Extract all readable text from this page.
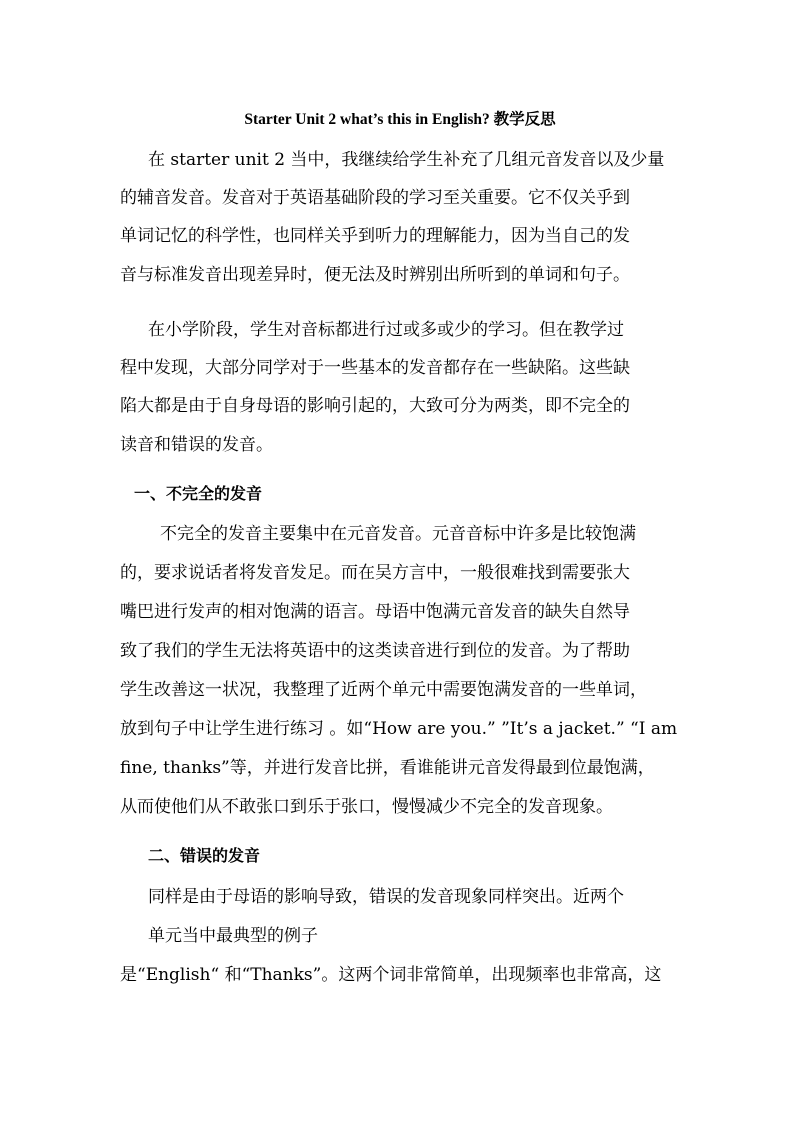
Starter Unit 2 what’s this in English? 教学反思
在 starter unit 2 当中，我继续给学生补充了几组元音发音以及少量
的辅音发音。发音对于英语基础阶段的学习至关重要。它不仅关乎到
单词记忆的科学性，也同样关乎到听力的理解能力，因为当自己的发
音与标准发音出现差异时，便无法及时辨别出所听到的单词和句子。
在小学阶段，学生对音标都进行过或多或少的学习。但在教学过
程中发现，大部分同学对于一些基本的发音都存在一些缺陷。这些缺
陷大都是由于自身母语的影响引起的，大致可分为两类，即不完全的
读音和错误的发音。
一、不完全的发音
不完全的发音主要集中在元音发音。元音音标中许多是比较饱满
的，要求说话者将发音发足。而在吴方言中，一般很难找到需要张大
嘴巴进行发声的相对饱满的语言。母语中饱满元音发音的缺失自然导
致了我们的学生无法将英语中的这类读音进行到位的发音。为了帮助
学生改善这一状况，我整理了近两个单元中需要饱满发音的一些单词，
放到句子中让学生进行练习 。如“How are you.” ”It’s a jacket.” “I am
fine, thanks”等，并进行发音比拼，看谁能讲元音发得最到位最饱满，
从而使他们从不敢张口到乐于张口，慢慢减少不完全的发音现象。
二、错误的发音
同样是由于母语的影响导致，错误的发音现象同样突出。近两个
单元当中最典型的例子
是“English“ 和“Thanks”。这两个词非常简单，出现频率也非常高，这
